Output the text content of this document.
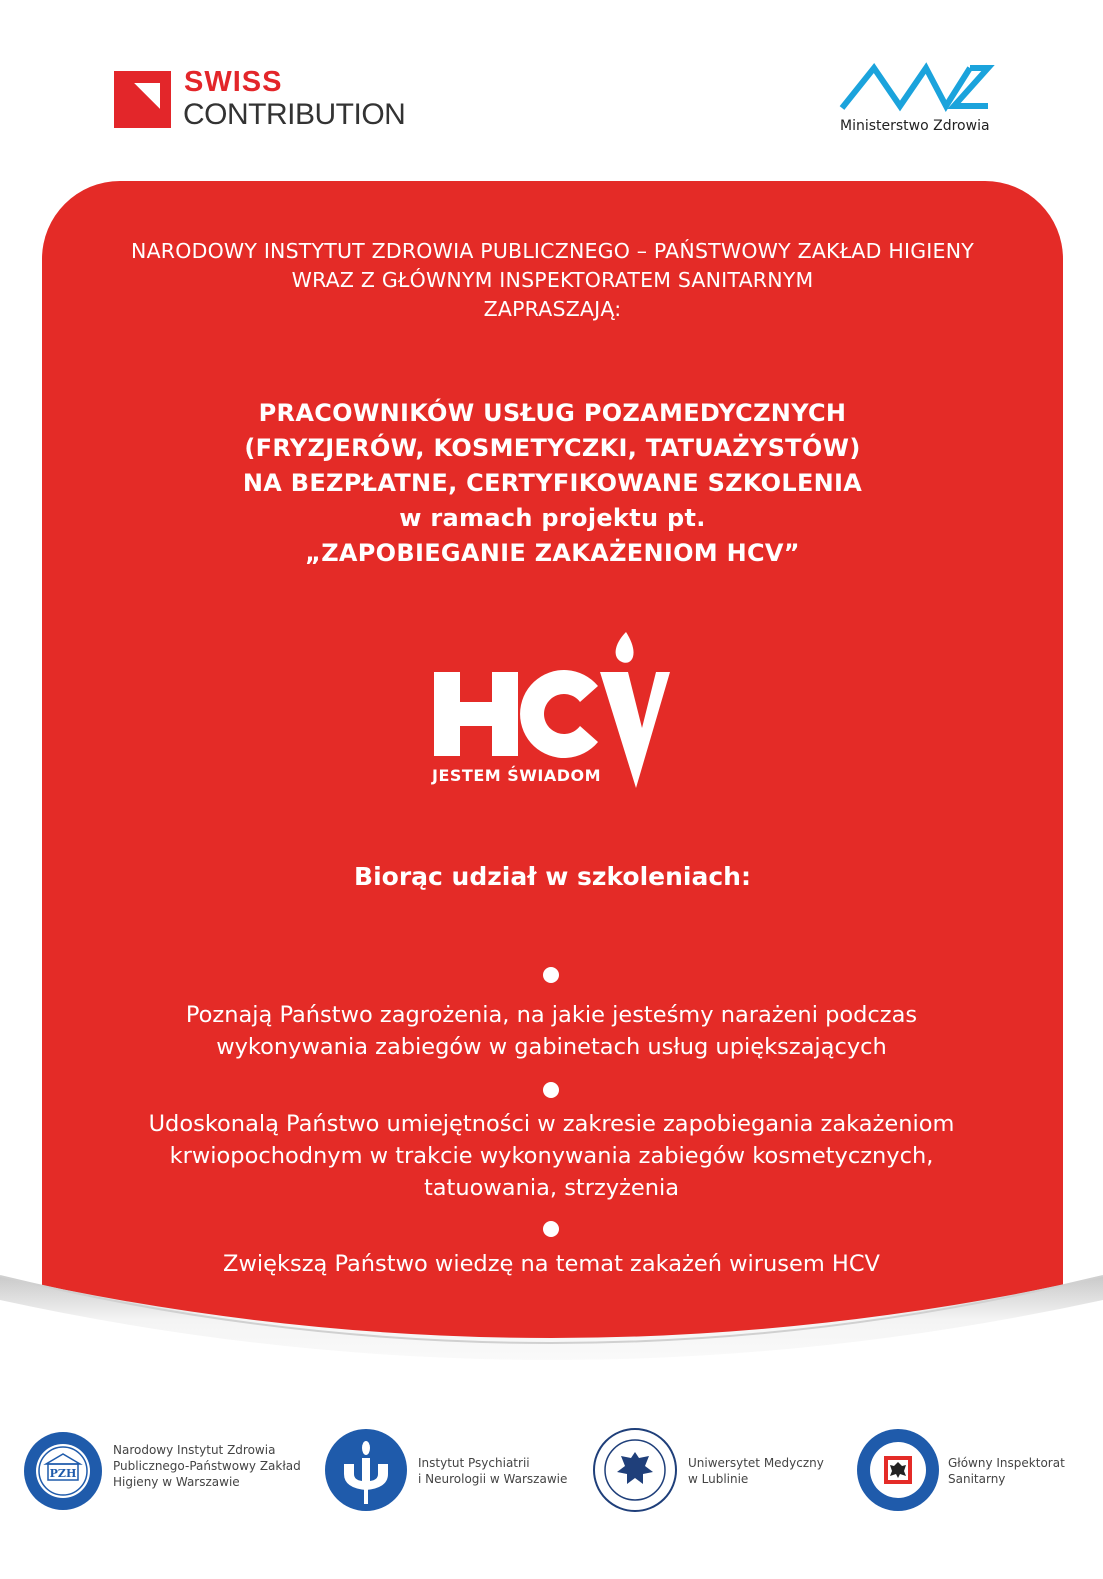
SWISS
CONTRIBUTION	Ministerstwo Zdrowia
NARODOWY INSTYTUT ZDROWIA PUBLICZNEGO – PAŃSTWOWY ZAKŁAD HIGIENY
WRAZ Z GŁÓWNYM INSPEKTORATEM SANITARNYM
ZAPRASZAJĄ:
PRACOWNIKÓW USŁUG POZAMEDYCZNYCH
(FRYZJERÓW, KOSMETYCZKI, TATUAŻYSTÓW)
NA BEZPŁATNE, CERTYFIKOWANE SZKOLENIA
w ramach projektu pt.
„ZAPOBIEGANIE ZAKAŻENIOM HCV”
JESTEM ŚWIADOM
Biorąc udział w szkoleniach:
Poznają Państwo zagrożenia, na jakie jesteśmy narażeni podczas
wykonywania zabiegów w gabinetach usług upiększających
Udoskonalą Państwo umiejętności w zakresie zapobiegania zakażeniom
krwiopochodnym w trakcie wykonywania zabiegów kosmetycznych,
tatuowania, strzyżenia
Zwiększą Państwo wiedzę na temat zakażeń wirusem HCV
PZH
Narodowy Instytut Zdrowia
Publicznego-Państwowy Zakład
Higieny w Warszawie
Instytut Psychiatrii
i Neurologii w Warszawie
Uniwersytet Medyczny
w Lublinie
Główny Inspektorat
Sanitarny
